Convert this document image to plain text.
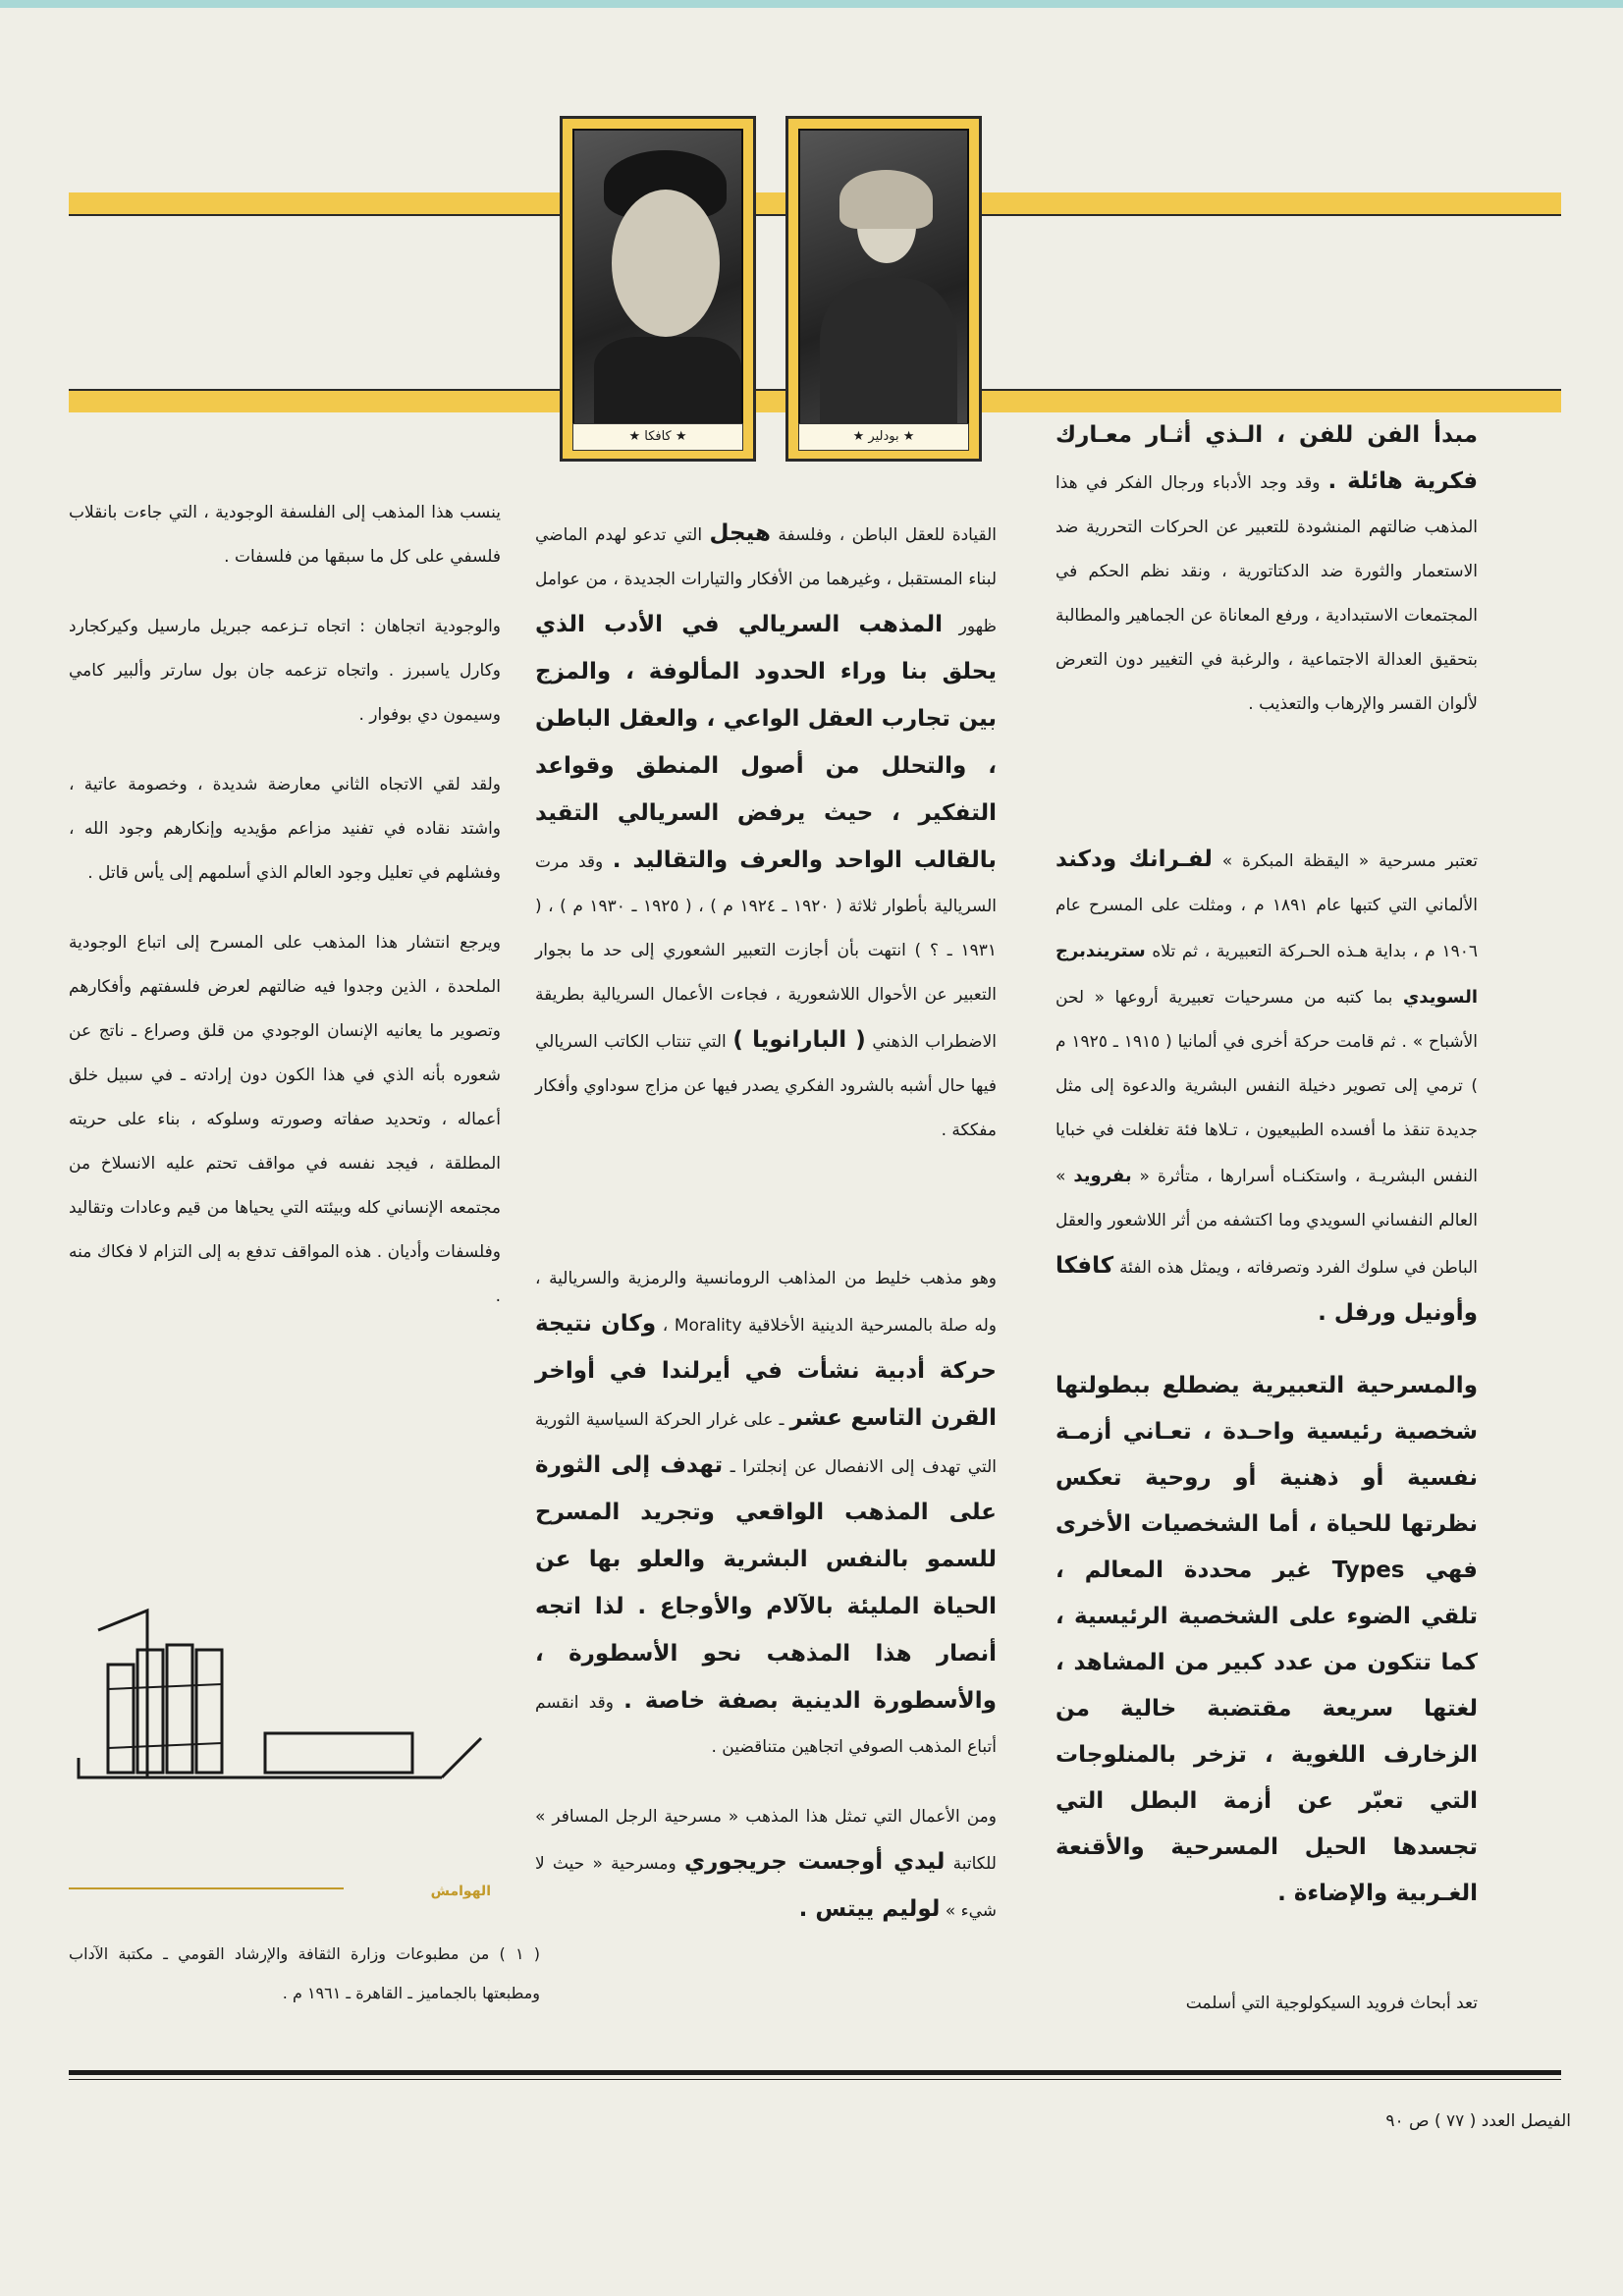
★ بودلير ★
★ كافكا ★	مبدأ الفن للفن ، الـذي أثـار معـارك فكرية هائلة . وقد وجد الأدباء ورجال الفكر في هذا المذهب ضالتهم المنشودة للتعبير عن الحركات التحررية ضد الاستعمار والثورة ضد الدكتاتورية ، ونقد نظم الحكم في المجتمعات الاستبدادية ، ورفع المعاناة عن الجماهير والمطالبة بتحقيق العدالة الاجتماعية ، والرغبة في التغيير دون التعرض لألوان القسر والإرهاب والتعذيب .

تعتبر مسرحية « اليقظة المبكرة » لفـرانك ودكند الألماني التي كتبها عام ١٨٩١ م ، ومثلت على المسرح عام ١٩٠٦ م ، بداية هـذه الحـركة التعبيرية ، ثم تلاه ستريندبرج السويدي بما كتبه من مسرحيات تعبيرية أروعها « لحن الأشباح » . ثم قامت حركة أخرى في ألمانيا ( ١٩١٥ ـ ١٩٢٥ م ) ترمي إلى تصوير دخيلة النفس البشرية والدعوة إلى مثل جديدة تنقذ ما أفسده الطبيعيون ، تـلاها فئة تغلغلت في خبايا النفس البشريـة ، واستكنـاه أسرارها ، متأثرة « بفرويد » العالم النفساني السويدي وما اكتشفه من أثر اللاشعور والعقل الباطن في سلوك الفرد وتصرفاته ، ويمثل هذه الفئة كافكا وأونيل ورفل .

والمسرحية التعبيرية يضطلع ببطولتها شخصية رئيسية واحـدة ، تعـاني أزمـة نفسية أو ذهنية أو روحية تعكس نظرتها للحياة ، أما الشخصيات الأخرى فهي Types غير محددة المعالم ، تلقي الضوء على الشخصية الرئيسية ، كما تتكون من عدد كبير من المشاهد ، لغتها سريعة مقتضبة خالية من الزخارف اللغوية ، تزخر بالمنلوجات التي تعبّر عن أزمة البطل التي تجسدها الحيل المسرحية والأقنعة الغـربية والإضاءة .

تعد أبحاث فرويد السيكولوجية التي أسلمت

القيادة للعقل الباطن ، وفلسفة هيجل التي تدعو لهدم الماضي لبناء المستقبل ، وغيرهما من الأفكار والتيارات الجديدة ، من عوامل ظهور المذهب السريالي في الأدب الذي يحلق بنا وراء الحدود المألوفة ، والمزج بين تجارب العقل الواعي ، والعقل الباطن ، والتحلل من أصول المنطق وقواعد التفكير ، حيث يرفض السريالي التقيد بالقالب الواحد والعرف والتقاليد . وقد مرت السريالية بأطوار ثلاثة ( ١٩٢٠ ـ ١٩٢٤ م ) ، ( ١٩٢٥ ـ ١٩٣٠ م ) ، ( ١٩٣١ ـ ؟ ) انتهت بأن أجازت التعبير الشعوري إلى حد ما بجوار التعبير عن الأحوال اللاشعورية ، فجاءت الأعمال السريالية بطريقة الاضطراب الذهني ( البارانويا ) التي تنتاب الكاتب السريالي فيها حال أشبه بالشرود الفكري يصدر فيها عن مزاج سوداوي وأفكار مفككة .

وهو مذهب خليط من المذاهب الرومانسية والرمزية والسريالية ، وله صلة بالمسرحية الدينية الأخلاقية Morality ، وكان نتيجة حركة أدبية نشأت في أيرلندا في أواخر القرن التاسع عشر ـ على غرار الحركة السياسية الثورية التي تهدف إلى الانفصال عن إنجلترا ـ تهدف إلى الثورة على المذهب الواقعي وتجريد المسرح للسمو بالنفس البشرية والعلو بها عن الحياة المليئة بالآلام والأوجاع . لذا اتجه أنصار هذا المذهب نحو الأسطورة ، والأسطورة الدينية بصفة خاصة . وقد انقسم أتباع المذهب الصوفي اتجاهين متناقضين .

ومن الأعمال التي تمثل هذا المذهب « مسرحية الرجل المسافر » للكاتبة ليدي أوجست جريجوري ومسرحية « حيث لا شيء » لوليم ييتس .

ينسب هذا المذهب إلى الفلسفة الوجودية ، التي جاءت بانقلاب فلسفي على كل ما سبقها من فلسفات .

والوجودية اتجاهان : اتجاه تـزعمه جبريل مارسيل وكيركجارد وكارل ياسبرز . واتجاه تزعمه جان بول سارتر وألبير كامي وسيمون دي بوفوار .

ولقد لقي الاتجاه الثاني معارضة شديدة ، وخصومة عاتية ، واشتد نقاده في تفنيد مزاعم مؤيديه وإنكارهم وجود الله ، وفشلهم في تعليل وجود العالم الذي أسلمهم إلى يأس قاتل .

ويرجع انتشار هذا المذهب على المسرح إلى اتباع الوجودية الملحدة ، الذين وجدوا فيه ضالتهم لعرض فلسفتهم وأفكارهم وتصوير ما يعانيه الإنسان الوجودي من قلق وصراع ـ ناتج عن شعوره بأنه الذي في هذا الكون دون إرادته ـ في سبيل خلق أعماله ، وتحديد صفاته وصورته وسلوكه ، بناء على حريته المطلقة ، فيجد نفسه في مواقف تحتم عليه الانسلاخ من مجتمعه الإنساني كله وبيئته التي يحياها من قيم وعادات وتقاليد وفلسفات وأديان . هذه المواقف تدفع به إلى التزام لا فكاك منه .

الهوامش
( ١ ) من مطبوعات وزارة الثقافة والإرشاد القومي ـ مكتبة الآداب ومطبعتها بالجماميز ـ القاهرة ـ ١٩٦١ م .
الفيصل العدد ( ٧٧ ) ص ٩٠
